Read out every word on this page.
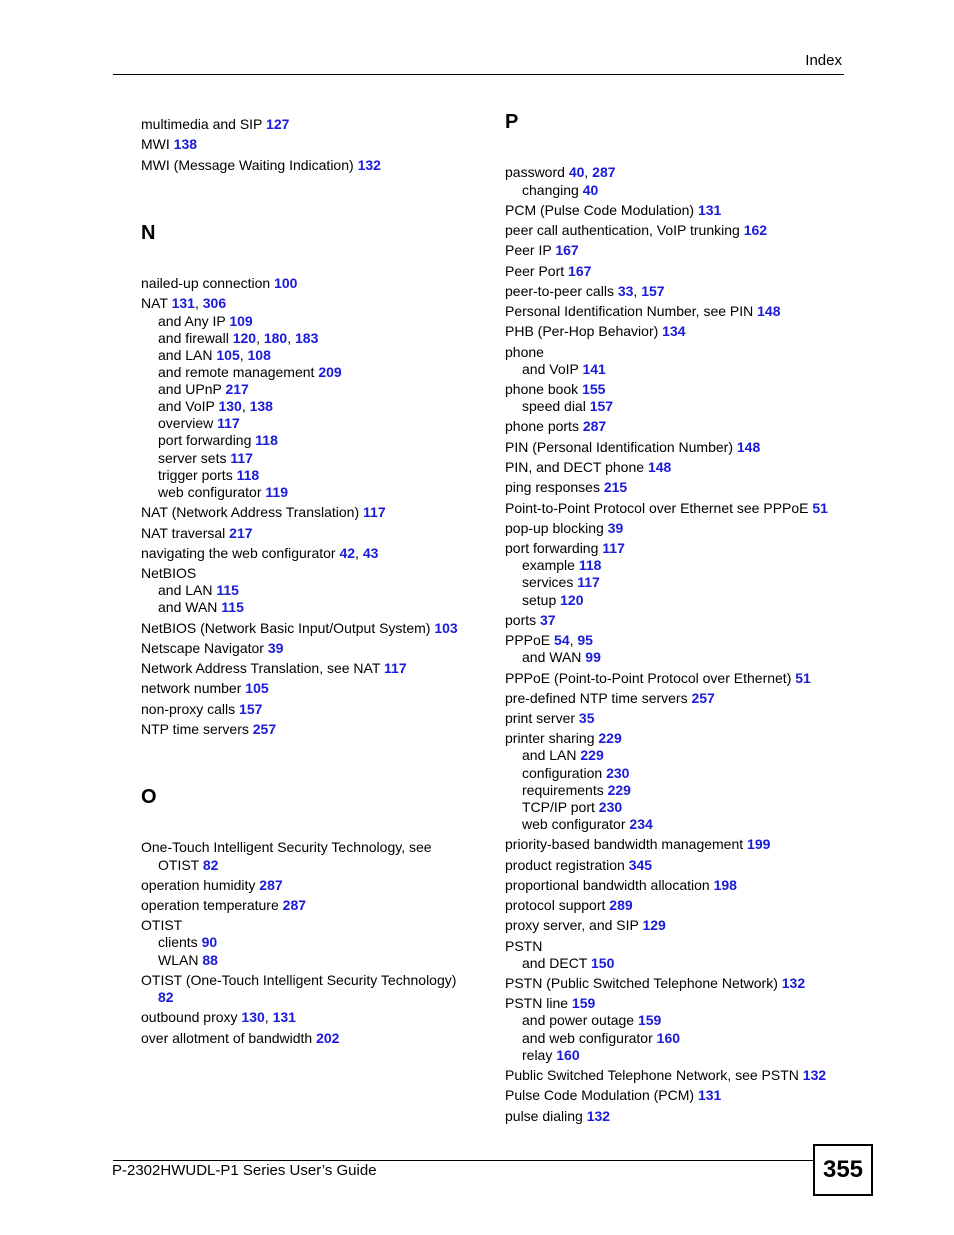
Index
multimedia and SIP 127
MWI 138
MWI (Message Waiting Indication) 132
N
nailed-up connection 100
NAT 131, 306
and Any IP 109
and firewall 120, 180, 183
and LAN 105, 108
and remote management 209
and UPnP 217
and VoIP 130, 138
overview 117
port forwarding 118
server sets 117
trigger ports 118
web configurator 119
NAT (Network Address Translation) 117
NAT traversal 217
navigating the web configurator 42, 43
NetBIOS
and LAN 115
and WAN 115
NetBIOS (Network Basic Input/Output System) 103
Netscape Navigator 39
Network Address Translation, see NAT 117
network number 105
non-proxy calls 157
NTP time servers 257
O
One-Touch Intelligent Security Technology, see
OTIST 82
operation humidity 287
operation temperature 287
OTIST
clients 90
WLAN 88
OTIST (One-Touch Intelligent Security Technology)
82
outbound proxy 130, 131
over allotment of bandwidth 202
P
password 40, 287
changing 40
PCM (Pulse Code Modulation) 131
peer call authentication, VoIP trunking 162
Peer IP 167
Peer Port 167
peer-to-peer calls 33, 157
Personal Identification Number, see PIN 148
PHB (Per-Hop Behavior) 134
phone
and VoIP 141
phone book 155
speed dial 157
phone ports 287
PIN (Personal Identification Number) 148
PIN, and DECT phone 148
ping responses 215
Point-to-Point Protocol over Ethernet see PPPoE 51
pop-up blocking 39
port forwarding 117
example 118
services 117
setup 120
ports 37
PPPoE 54, 95
and WAN 99
PPPoE (Point-to-Point Protocol over Ethernet) 51
pre-defined NTP time servers 257
print server 35
printer sharing 229
and LAN 229
configuration 230
requirements 229
TCP/IP port 230
web configurator 234
priority-based bandwidth management 199
product registration 345
proportional bandwidth allocation 198
protocol support 289
proxy server, and SIP 129
PSTN
and DECT 150
PSTN (Public Switched Telephone Network) 132
PSTN line 159
and power outage 159
and web configurator 160
relay 160
Public Switched Telephone Network, see PSTN 132
Pulse Code Modulation (PCM) 131
pulse dialing 132
P-2302HWUDL-P1 Series User’s Guide	355
